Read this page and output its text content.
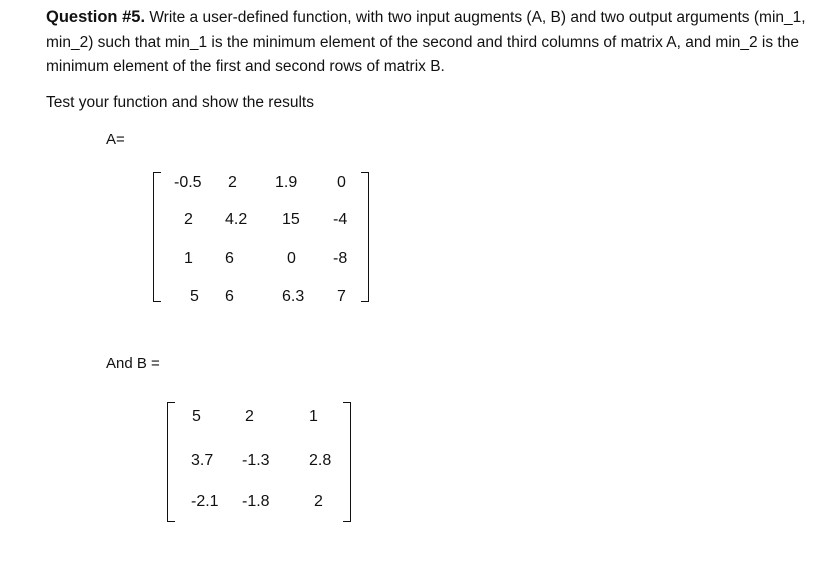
Question #5. Write a user-defined function, with two input augments (A, B) and two output arguments (min_1, min_2) such that min_1 is the minimum element of the second and third columns of matrix A, and min_2 is the minimum element of the first and second rows of matrix B.
Test your function and show the results
A=
-0.5 2 1.9 0
2 4.2 15 -4
1 6	0 -8
5 6	6.3 7
And B =
5	2	1
3.7 -1.3 2.8
-2.1 -1.8	2
